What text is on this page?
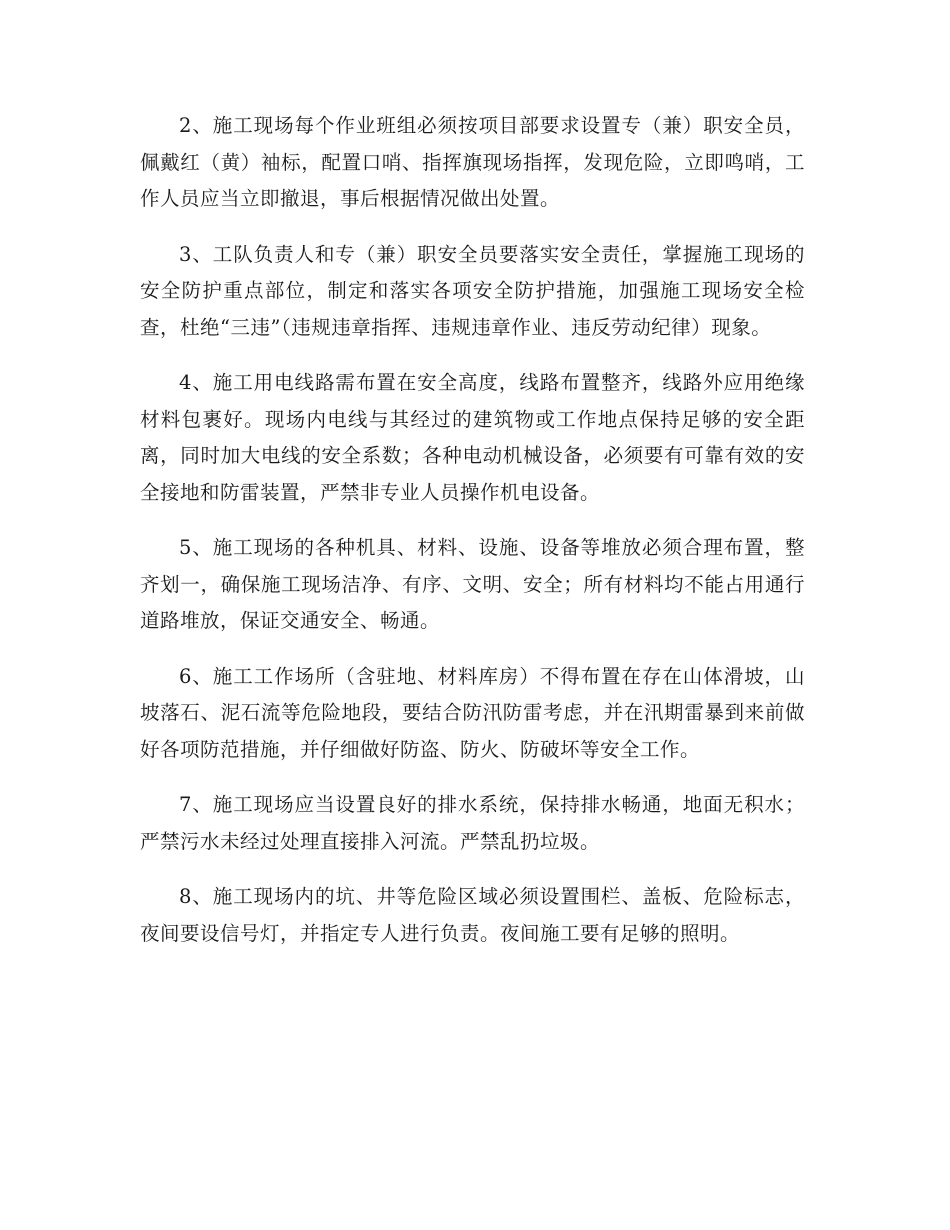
2、施工现场每个作业班组必须按项目部要求设置专（兼）职安全员，佩戴红（黄）袖标，配置口哨、指挥旗现场指挥，发现危险，立即鸣哨，工作人员应当立即撤退，事后根据情况做出处置。

3、工队负责人和专（兼）职安全员要落实安全责任，掌握施工现场的安全防护重点部位，制定和落实各项安全防护措施，加强施工现场安全检查，杜绝“三违”（违规违章指挥、违规违章作业、违反劳动纪律）现象。

4、施工用电线路需布置在安全高度，线路布置整齐，线路外应用绝缘材料包裹好。现场内电线与其经过的建筑物或工作地点保持足够的安全距离，同时加大电线的安全系数；各种电动机械设备，必须要有可靠有效的安全接地和防雷装置，严禁非专业人员操作机电设备。

5、施工现场的各种机具、材料、设施、设备等堆放必须合理布置，整齐划一，确保施工现场洁净、有序、文明、安全；所有材料均不能占用通行道路堆放，保证交通安全、畅通。

6、施工工作场所（含驻地、材料库房）不得布置在存在山体滑坡，山坡落石、泥石流等危险地段，要结合防汛防雷考虑，并在汛期雷暴到来前做好各项防范措施，并仔细做好防盗、防火、防破坏等安全工作。

7、施工现场应当设置良好的排水系统，保持排水畅通，地面无积水；严禁污水未经过处理直接排入河流。严禁乱扔垃圾。

8、施工现场内的坑、井等危险区域必须设置围栏、盖板、危险标志，夜间要设信号灯，并指定专人进行负责。夜间施工要有足够的照明。
